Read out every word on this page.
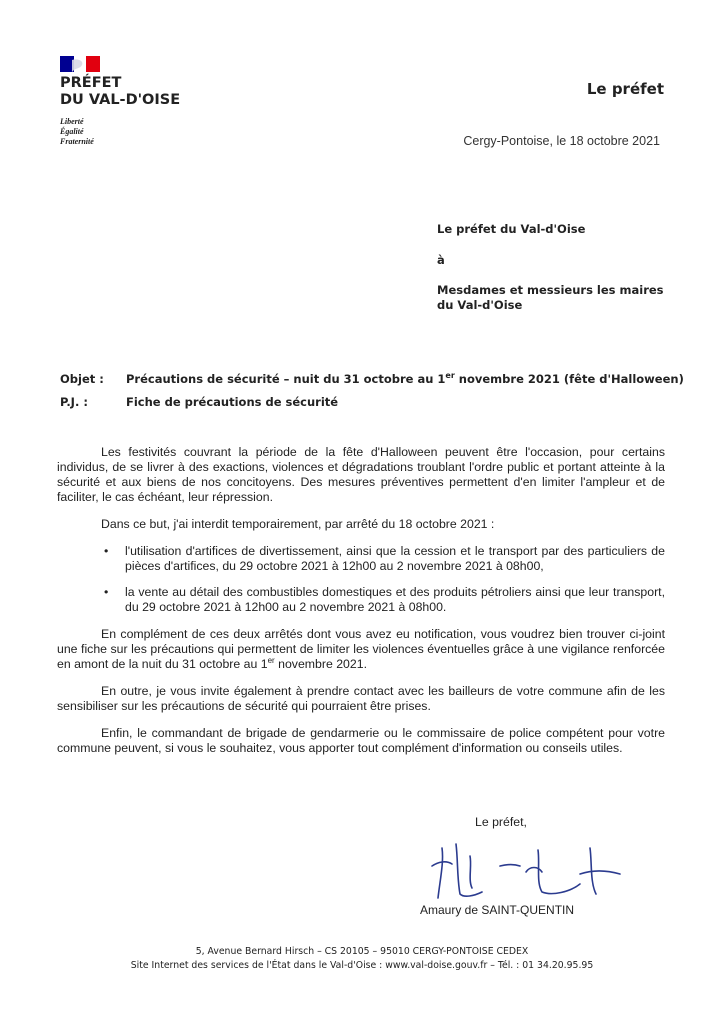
PRÉFET
DU VAL-D'OISE
Liberté
Égalité
Fraternité
Le préfet
Cergy-Pontoise, le 18 octobre 2021
Le préfet du Val-d'Oise
à
Mesdames et messieurs les maires du Val-d'Oise
Objet : Précautions de sécurité – nuit du 31 octobre au 1er novembre 2021 (fête d'Halloween)
P.J. :	Fiche de précautions de sécurité

Les festivités couvrant la période de la fête d'Halloween peuvent être l'occasion, pour certains individus, de se livrer à des exactions, violences et dégradations troublant l'ordre public et portant atteinte à la sécurité et aux biens de nos concitoyens. Des mesures préventives permettent d'en limiter l'ampleur et de faciliter, le cas échéant, leur répression.

Dans ce but, j'ai interdit temporairement, par arrêté du 18 octobre 2021 :

• l'utilisation d'artifices de divertissement, ainsi que la cession et le transport par des particuliers de pièces d'artifices, du 29 octobre 2021 à 12h00 au 2 novembre 2021 à 08h00,
• la vente au détail des combustibles domestiques et des produits pétroliers ainsi que leur transport, du 29 octobre 2021 à 12h00 au 2 novembre 2021 à 08h00.

En complément de ces deux arrêtés dont vous avez eu notification, vous voudrez bien trouver ci-joint une fiche sur les précautions qui permettent de limiter les violences éventuelles grâce à une vigilance renforcée en amont de la nuit du 31 octobre au 1er novembre 2021.

En outre, je vous invite également à prendre contact avec les bailleurs de votre commune afin de les sensibiliser sur les précautions de sécurité qui pourraient être prises.

Enfin, le commandant de brigade de gendarmerie ou le commissaire de police compétent pour votre commune peuvent, si vous le souhaitez, vous apporter tout complément d'information ou conseils utiles.

Le préfet,
Amaury de SAINT-QUENTIN
5, Avenue Bernard Hirsch – CS 20105 – 95010 CERGY-PONTOISE CEDEX
Site Internet des services de l'État dans le Val-d'Oise : www.val-doise.gouv.fr – Tél. : 01 34.20.95.95
